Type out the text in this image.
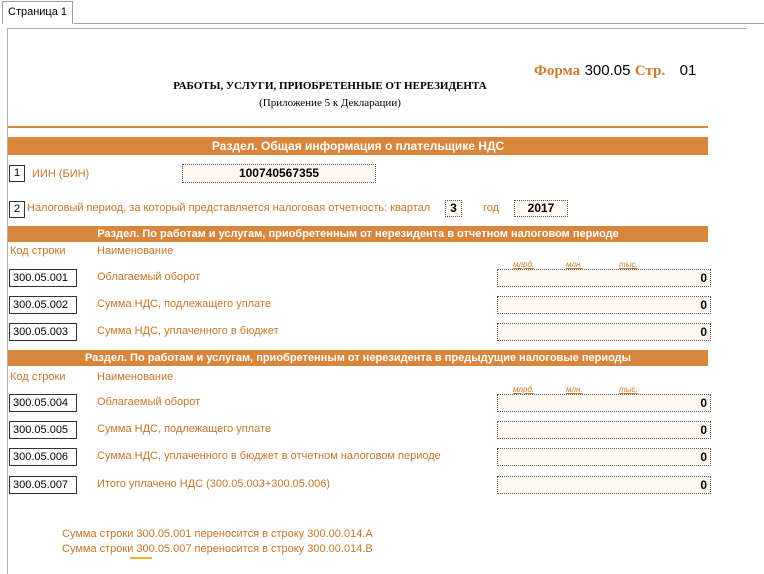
Страница 1
Форма 300.05 Стр. 01
РАБОТЫ, УСЛУГИ, ПРИОБРЕТЕННЫЕ ОТ НЕРЕЗИДЕНТА
(Приложение 5 к Декларации)
Раздел. Общая информация о плательщике НДС
1	ИИН (БИН)	100740567355
2 Налоговый период, за который представляется налоговая отчетность: квартал	3	год	2017
Раздел. По работам и услугам, приобретенным от нерезидента в отчетном налоговом периоде
Код строки	Наименование
млрд.	млн.	тыс.
300.05.001	Облагаемый оборот	0
300.05.002	Сумма НДС, подлежащего уплате	0
300.05.003	Сумма НДС, уплаченного в бюджет	0
Раздел. По работам и услугам, приобретенным от нерезидента в предыдущие налоговые периоды
Код строки	Наименование
млрд.	млн.	тыс.
300.05.004	Облагаемый оборот	0
300.05.005	Сумма НДС, подлежащего уплате	0
300.05.006	Сумма НДС, уплаченного в бюджет в отчетном налоговом периоде	0
300.05.007	Итого уплачено НДС (300.05.003+300.05.006)	0
Сумма строки 300.05.001 переносится в строку 300.00.014.A
Сумма строки 300.05.007 переносится в строку 300.00.014.B
